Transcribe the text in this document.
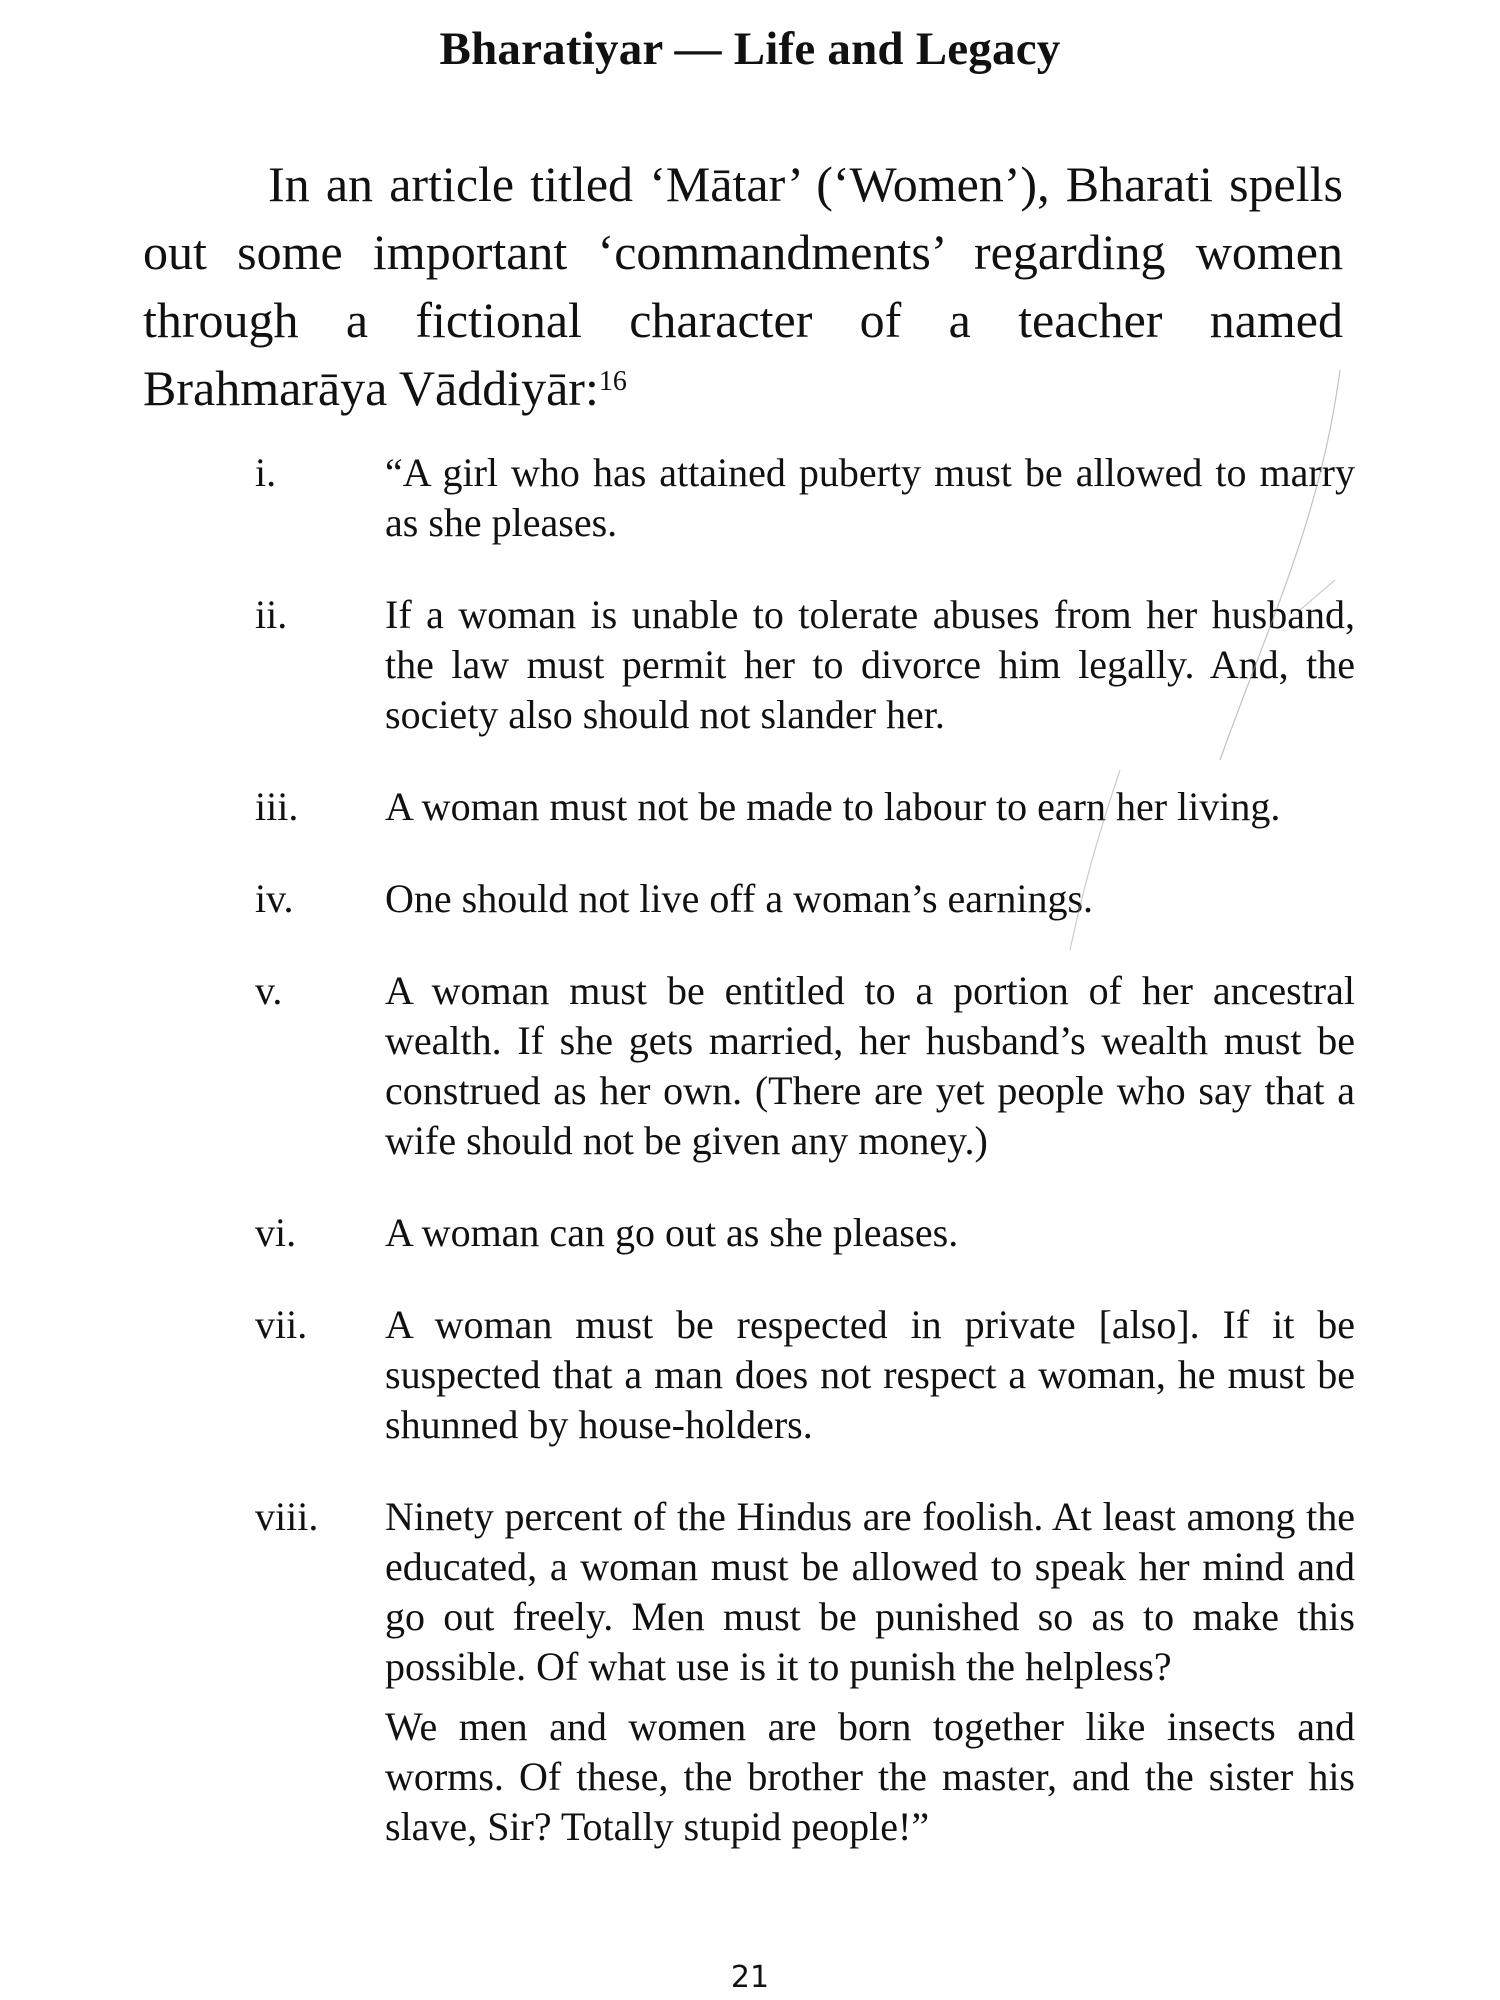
Bharatiyar — Life and Legacy
In an article titled ‘Mātar’ (‘Women’), Bharati spells out some important ‘commandments’ regarding women through a fictional character of a teacher named Brahmarāya Vāddiyār:$^{16}$
i.	“A girl who has attained puberty must be allowed to marry as she pleases.

ii.	If a woman is unable to tolerate abuses from her husband, the law must permit her to divorce him legally. And, the society also should not slander her.

iii.	A woman must not be made to labour to earn her living.

iv.	One should not live off a woman’s earnings.

v.	A woman must be entitled to a portion of her ancestral wealth. If she gets married, her husband’s wealth must be construed as her own. (There are yet people who say that a wife should not be given any money.)

vi.	A woman can go out as she pleases.

vii.	A woman must be respected in private [also]. If it be suspected that a man does not respect a woman, he must be shunned by house-holders.

viii.	Ninety percent of the Hindus are foolish. At least among the educated, a woman must be allowed to speak her mind and go out freely. Men must be punished so as to make this possible. Of what use is it to punish the helpless?

We men and women are born together like insects and worms. Of these, the brother the master, and the sister his slave, Sir? Totally stupid people!”

21
